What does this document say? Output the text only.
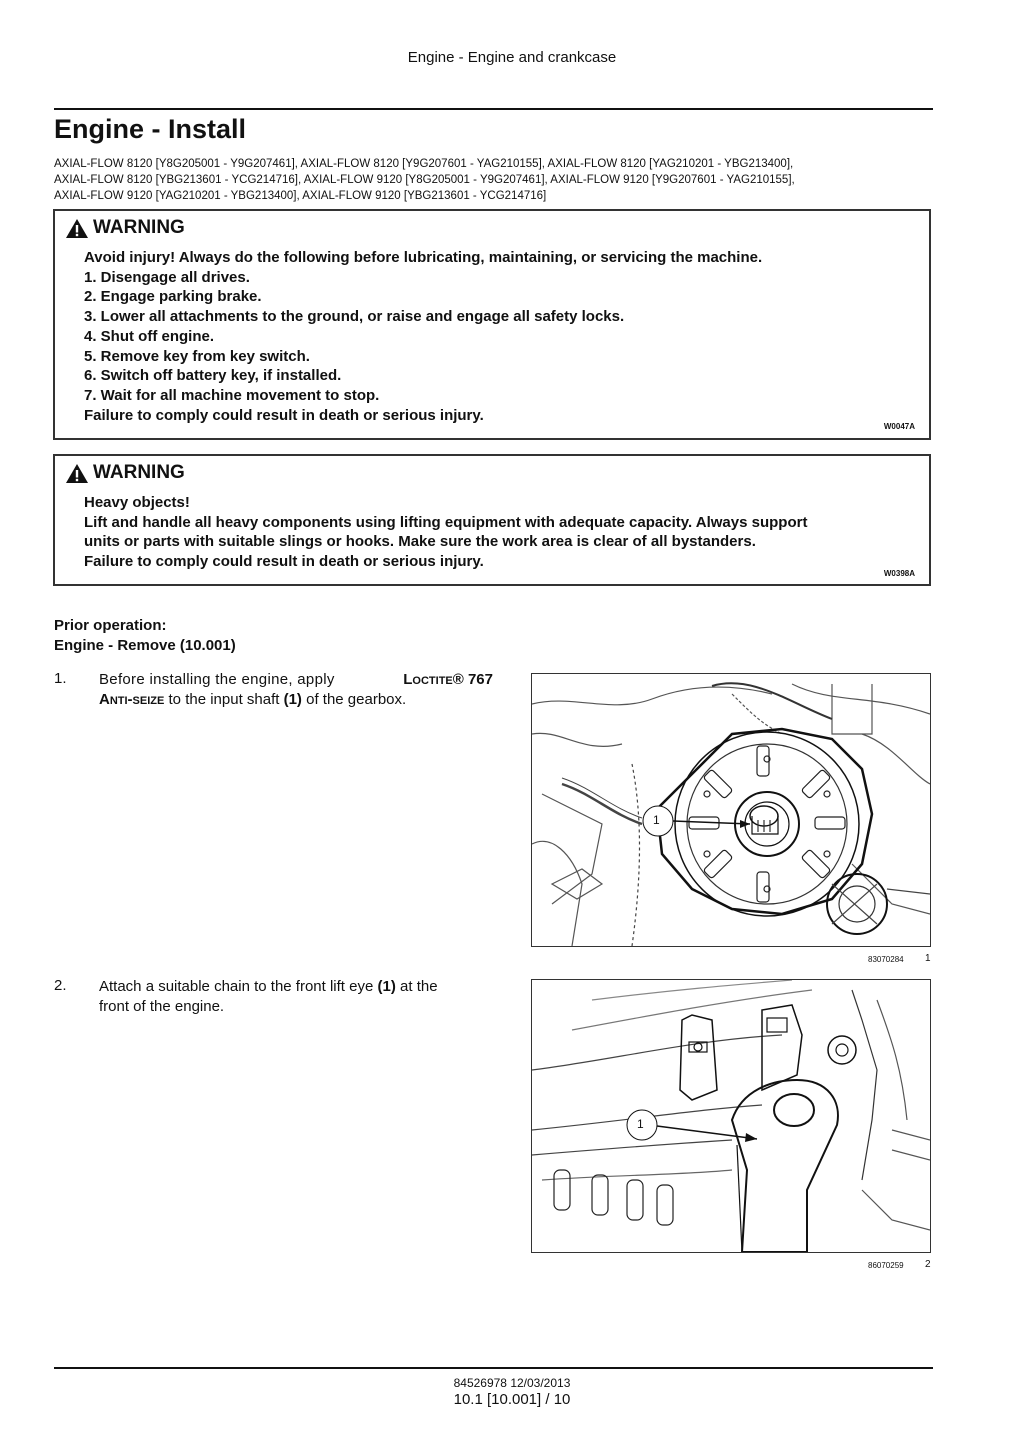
Engine - Engine and crankcase
Engine - Install
AXIAL-FLOW 8120 [Y8G205001 - Y9G207461], AXIAL-FLOW 8120 [Y9G207601 - YAG210155], AXIAL-FLOW 8120 [YAG210201 - YBG213400],
AXIAL-FLOW 8120 [YBG213601 - YCG214716], AXIAL-FLOW 9120 [Y8G205001 - Y9G207461], AXIAL-FLOW 9120 [Y9G207601 - YAG210155],
AXIAL-FLOW 9120 [YAG210201 - YBG213400], AXIAL-FLOW 9120 [YBG213601 - YCG214716]
WARNING
Avoid injury! Always do the following before lubricating, maintaining, or servicing the machine.
1. Disengage all drives.
2. Engage parking brake.
3. Lower all attachments to the ground, or raise and engage all safety locks.
4. Shut off engine.
5. Remove key from key switch.
6. Switch off battery key, if installed.
7. Wait for all machine movement to stop.
Failure to comply could result in death or serious injury.
W0047A
WARNING
Heavy objects!
Lift and handle all heavy components using lifting equipment with adequate capacity. Always support
units or parts with suitable slings or hooks. Make sure the work area is clear of all bystanders.
Failure to comply could result in death or serious injury.
W0398A
Prior operation:
Engine - Remove (10.001)
1. Before installing the engine, apply	Loctite® 767
Anti-seize to the input shaft (1) of the gearbox.
1
83070284 1
2. Attach a suitable chain to the front lift eye (1) at the
front of the engine.
1
86070259 2
84526978 12/03/2013
10.1 [10.001] / 10
